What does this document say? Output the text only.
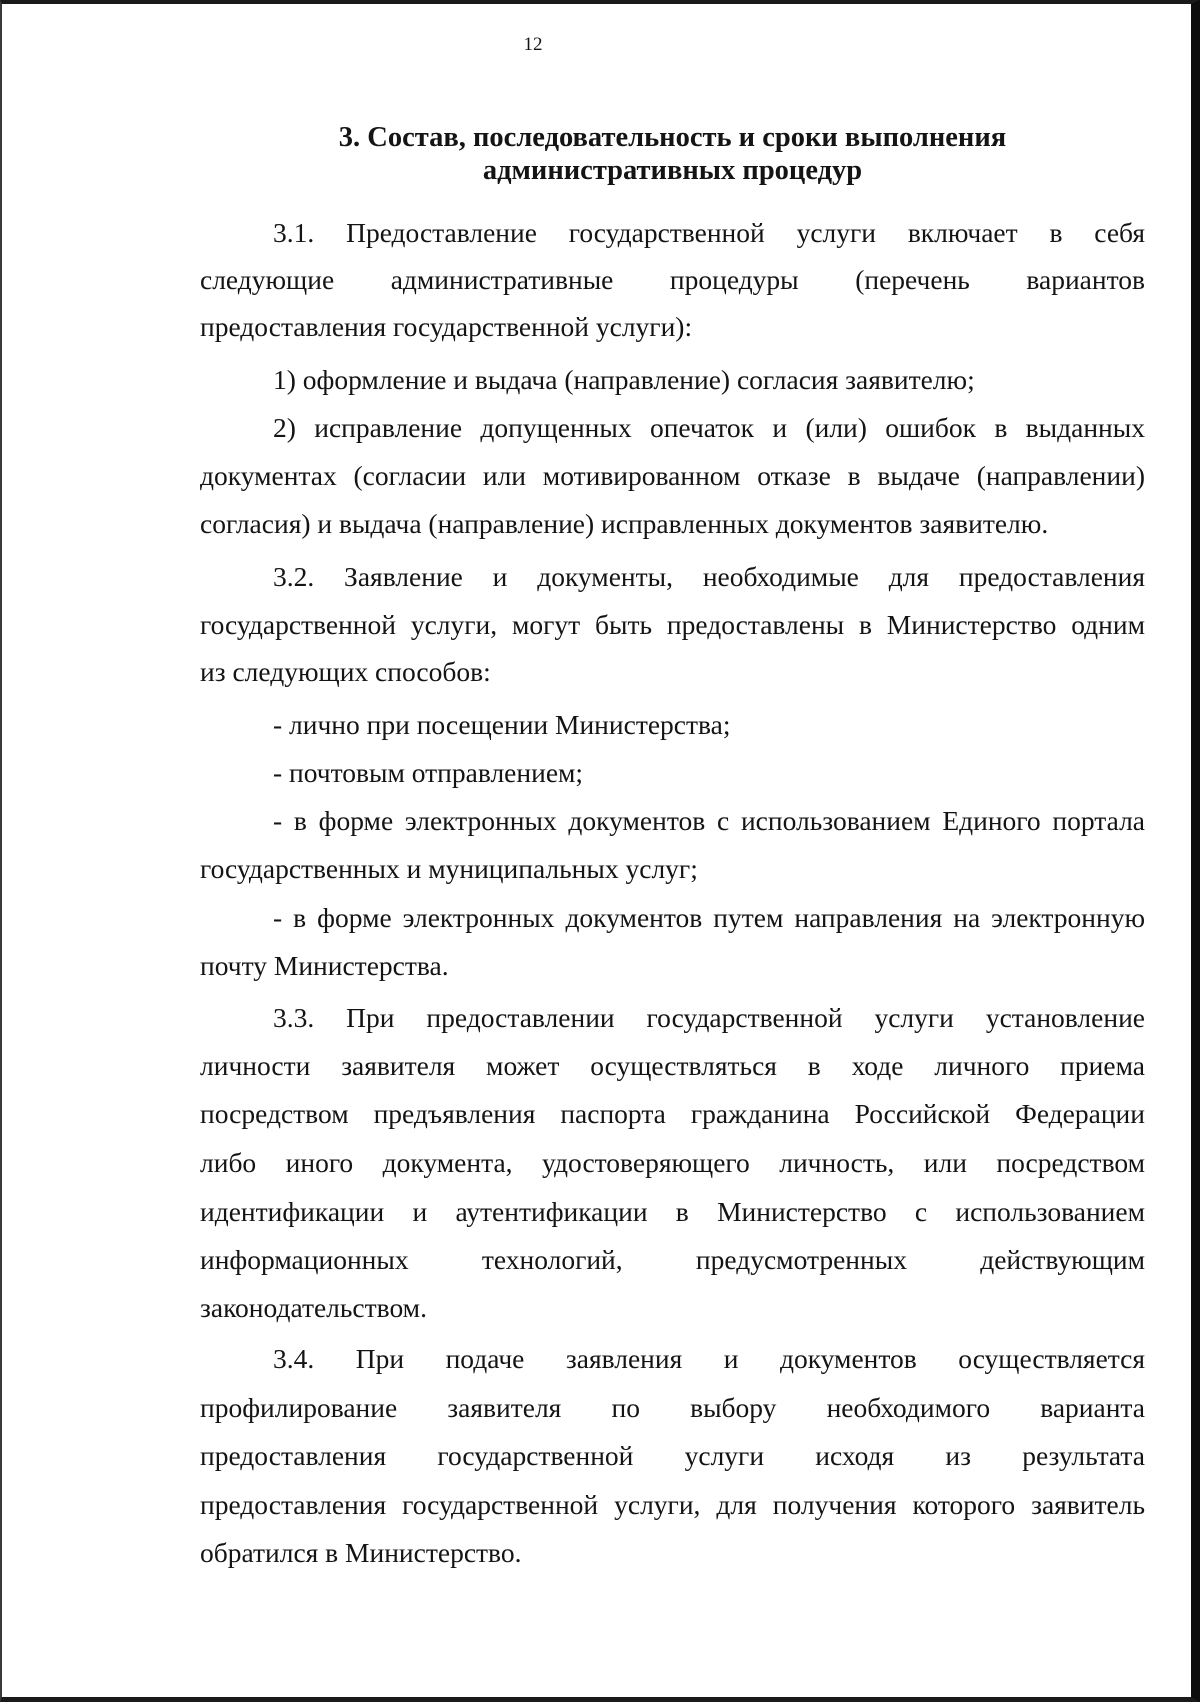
12
3. Состав, последовательность и сроки выполнения
административных процедур
3.1. Предоставление государственной услуги включает в себя
следующие административные процедуры (перечень вариантов
предоставления государственной услуги):
1) оформление и выдача (направление) согласия заявителю;
2) исправление допущенных опечаток и (или) ошибок в выданных
документах (согласии или мотивированном отказе в выдаче (направлении)
согласия) и выдача (направление) исправленных документов заявителю.
3.2. Заявление и документы, необходимые для предоставления
государственной услуги, могут быть предоставлены в Министерство одним
из следующих способов:
- лично при посещении Министерства;
- почтовым отправлением;
- в форме электронных документов с использованием Единого портала
государственных и муниципальных услуг;
- в форме электронных документов путем направления на электронную
почту Министерства.
3.3. При предоставлении государственной услуги установление
личности заявителя может осуществляться в ходе личного приема
посредством предъявления паспорта гражданина Российской Федерации
либо иного документа, удостоверяющего личность, или посредством
идентификации и аутентификации в Министерство с использованием
информационных технологий, предусмотренных действующим
законодательством.
3.4. При подаче заявления и документов осуществляется
профилирование заявителя по выбору необходимого варианта
предоставления государственной услуги исходя из результата
предоставления государственной услуги, для получения которого заявитель
обратился в Министерство.
